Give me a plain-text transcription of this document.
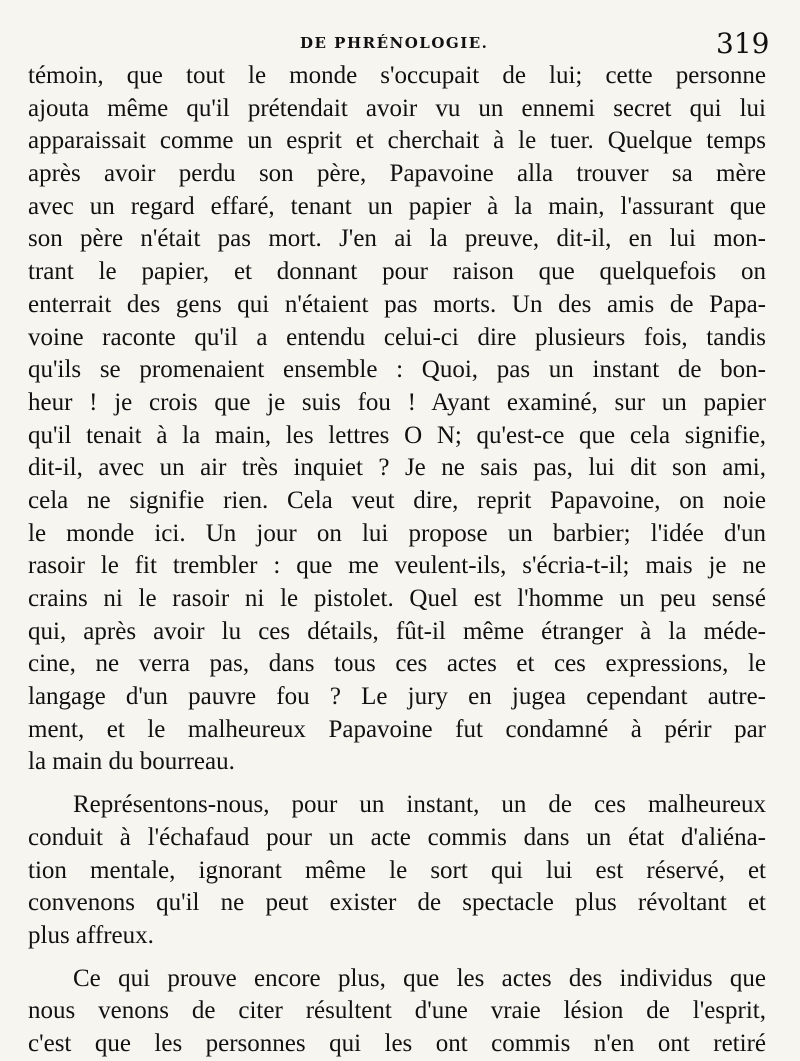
DE PHRÉNOLOGIE.	319
témoin, que tout le monde s'occupait de lui; cette personne
ajouta même qu'il prétendait avoir vu un ennemi secret qui lui
apparaissait comme un esprit et cherchait à le tuer. Quelque temps
après avoir perdu son père, Papavoine alla trouver sa mère
avec un regard effaré, tenant un papier à la main, l'assurant que
son père n'était pas mort. J'en ai la preuve, dit-il, en lui mon-
trant le papier, et donnant pour raison que quelquefois on
enterrait des gens qui n'étaient pas morts. Un des amis de Papa-
voine raconte qu'il a entendu celui-ci dire plusieurs fois, tandis
qu'ils se promenaient ensemble : Quoi, pas un instant de bon-
heur ! je crois que je suis fou ! Ayant examiné, sur un papier
qu'il tenait à la main, les lettres O N; qu'est-ce que cela signifie,
dit-il, avec un air très inquiet ? Je ne sais pas, lui dit son ami,
cela ne signifie rien. Cela veut dire, reprit Papavoine, on noie
le monde ici. Un jour on lui propose un barbier; l'idée d'un
rasoir le fit trembler : que me veulent-ils, s'écria-t-il; mais je ne
crains ni le rasoir ni le pistolet. Quel est l'homme un peu sensé
qui, après avoir lu ces détails, fût-il même étranger à la méde-
cine, ne verra pas, dans tous ces actes et ces expressions, le
langage d'un pauvre fou ? Le jury en jugea cependant autre-
ment, et le malheureux Papavoine fut condamné à périr par
la main du bourreau.
Représentons-nous, pour un instant, un de ces malheureux
conduit à l'échafaud pour un acte commis dans un état d'aliéna-
tion mentale, ignorant même le sort qui lui est réservé, et
convenons qu'il ne peut exister de spectacle plus révoltant et
plus affreux.
Ce qui prouve encore plus, que les actes des individus que
nous venons de citer résultent d'une vraie lésion de l'esprit,
c'est que les personnes qui les ont commis n'en ont retiré
